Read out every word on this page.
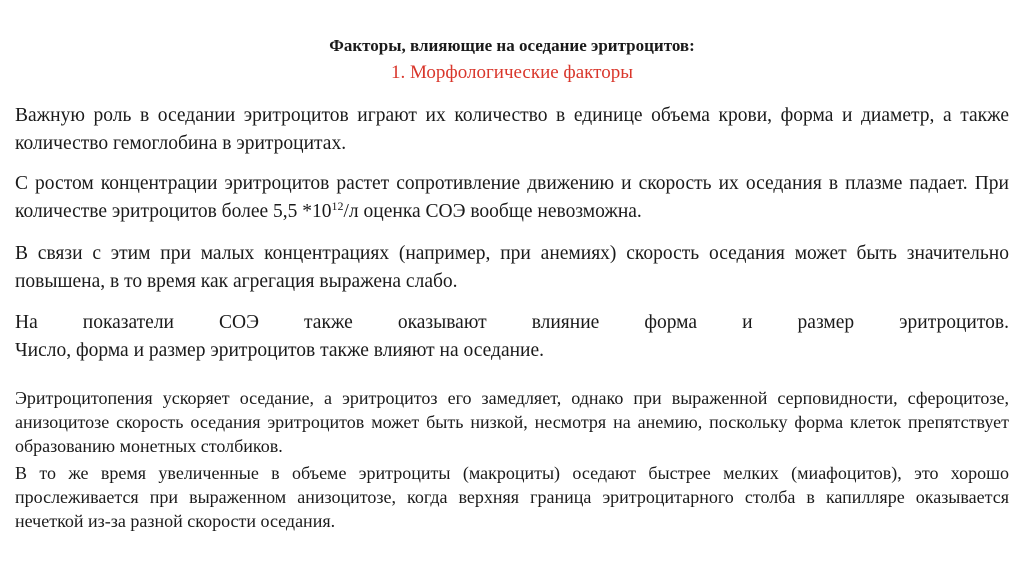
Факторы, влияющие на оседание эритроцитов:
1. Морфологические факторы

Важную роль в оседании эритроцитов играют их количество в единице объема крови, форма и диаметр, а также количество гемоглобина в эритроцитах.

С ростом концентрации эритроцитов растет сопротивление движению и скорость их оседания в плазме падает. При количестве эритроцитов более 5,5 $*10^{12}/л$ оценка СОЭ вообще невозможна.

В связи с этим при малых концентрациях (например, при анемиях) скорость оседания может быть значительно повышена, в то время как агрегация выражена слабо.

На показатели СОЭ также оказывают влияние форма и размер эритроцитов.
Число, форма и размер эритроцитов также влияют на оседание.

Эритроцитопения ускоряет оседание, а эритроцитоз его замедляет, однако при выраженной серповидности, сфероцитозе, анизоцитозе скорость оседания эритроцитов может быть низкой, несмотря на анемию, поскольку форма клеток препятствует образованию монетных столбиков.

В то же время увеличенные в объеме эритроциты (макроциты) оседают быстрее мелких (миафоцитов), это хорошо прослеживается при выраженном анизоцитозе, когда верхняя граница эритроцитарного столба в капилляре оказывается нечеткой из-за разной скорости оседания.
